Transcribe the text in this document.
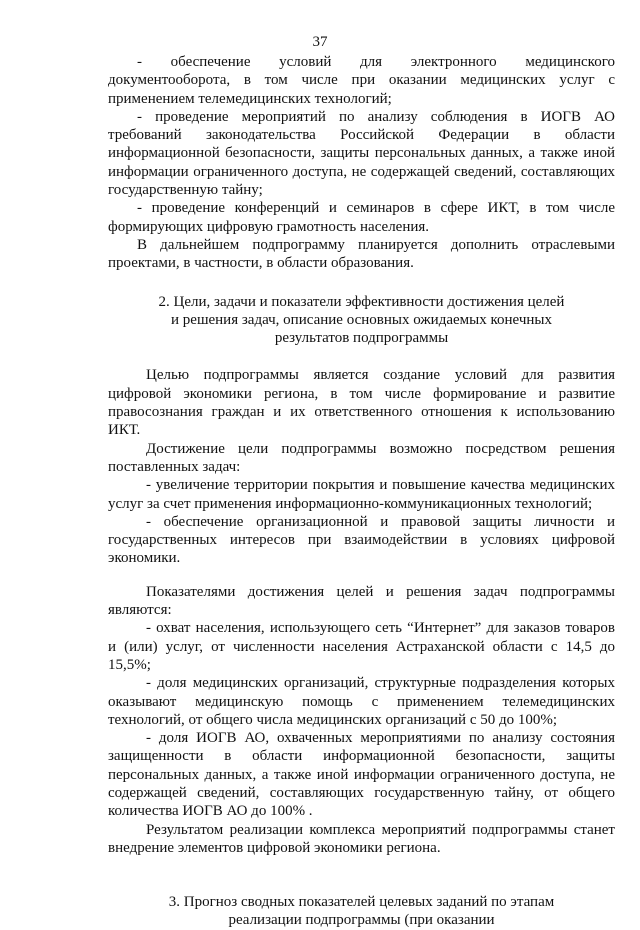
37

- обеспечение условий для электронного медицинского документооборота, в том числе при оказании медицинских услуг с применением телемедицинских технологий;

- проведение мероприятий по анализу соблюдения в ИОГВ АО требований законодательства Российской Федерации в области информационной безопасности, защиты персональных данных, а также иной информации ограниченного доступа, не содержащей сведений, составляющих государственную тайну;

- проведение конференций и семинаров в сфере ИКТ, в том числе формирующих цифровую грамотность населения.

В дальнейшем подпрограмму планируется дополнить отраслевыми проектами, в частности, в области образования.

2. Цели, задачи и показатели эффективности достижения целей и решения задач, описание основных ожидаемых конечных результатов подпрограммы

Целью подпрограммы является создание условий для развития цифровой экономики региона, в том числе формирование и развитие правосознания граждан и их ответственного отношения к использованию ИКТ.

Достижение цели подпрограммы возможно посредством решения поставленных задач:

- увеличение территории покрытия и повышение качества медицинских услуг за счет применения информационно-коммуникационных технологий;

- обеспечение организационной и правовой защиты личности и государственных интересов при взаимодействии в условиях цифровой экономики.

Показателями достижения целей и решения задач подпрограммы являются:

- охват населения, использующего сеть “Интернет” для заказов товаров и (или) услуг, от численности населения Астраханской области с 14,5 до 15,5%;

- доля медицинских организаций, структурные подразделения которых оказывают медицинскую помощь с применением телемедицинских технологий, от общего числа медицинских организаций с 50 до 100%;

- доля ИОГВ АО, охваченных мероприятиями по анализу состояния защищенности в области информационной безопасности, защиты персональных данных, а также иной информации ограниченного доступа, не содержащей сведений, составляющих государственную тайну, от общего количества ИОГВ АО до 100% .

Результатом реализации комплекса мероприятий подпрограммы станет внедрение элементов цифровой экономики региона.

3. Прогноз сводных показателей целевых заданий по этапам реализации подпрограммы (при оказании
